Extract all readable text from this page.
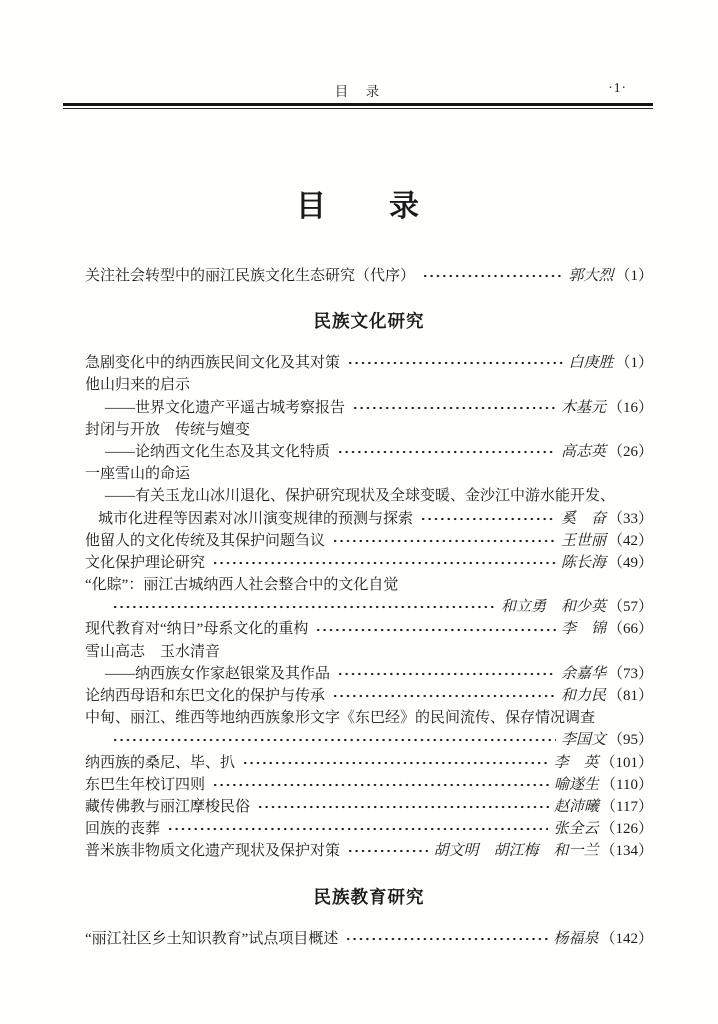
目　录	·1·
目　　录
关注社会转型中的丽江民族文化生态研究（代序）	郭大烈 （1）
民族文化研究
急剧变化中的纳西族民间文化及其对策	白庚胜 （1）
他山归来的启示
——世界文化遗产平遥古城考察报告	木基元 （16）
封闭与开放　传统与嬗变
——论纳西文化生态及其文化特质	高志英 （26）
一座雪山的命运
——有关玉龙山冰川退化、保护研究现状及全球变暖、金沙江中游水能开发、
城市化进程等因素对冰川演变规律的预测与探索	奚　奋 （33）
他留人的文化传统及其保护问题刍议	王世丽 （42）
文化保护理论研究	陈长海 （49）
“化賩”：丽江古城纳西人社会整合中的文化自觉
和立勇　和少英 （57）
现代教育对“纳日”母系文化的重构	李　锦 （66）
雪山高志　玉水清音
——纳西族女作家赵银棠及其作品	余嘉华 （73）
论纳西母语和东巴文化的保护与传承	和力民 （81）
中甸、丽江、维西等地纳西族象形文字《东巴经》的民间流传、保存情况调查
李国文 （95）
纳西族的桑尼、毕、扒	李　英 （101）
东巴生年校订四则	喻遂生 （110）
藏传佛教与丽江摩梭民俗	赵沛曦 （117）
回族的丧葬	张全云 （126）
普米族非物质文化遗产现状及保护对策	胡文明　胡江梅　和一兰 （134）
民族教育研究
“丽江社区乡土知识教育”试点项目概述	杨福泉 （142）
